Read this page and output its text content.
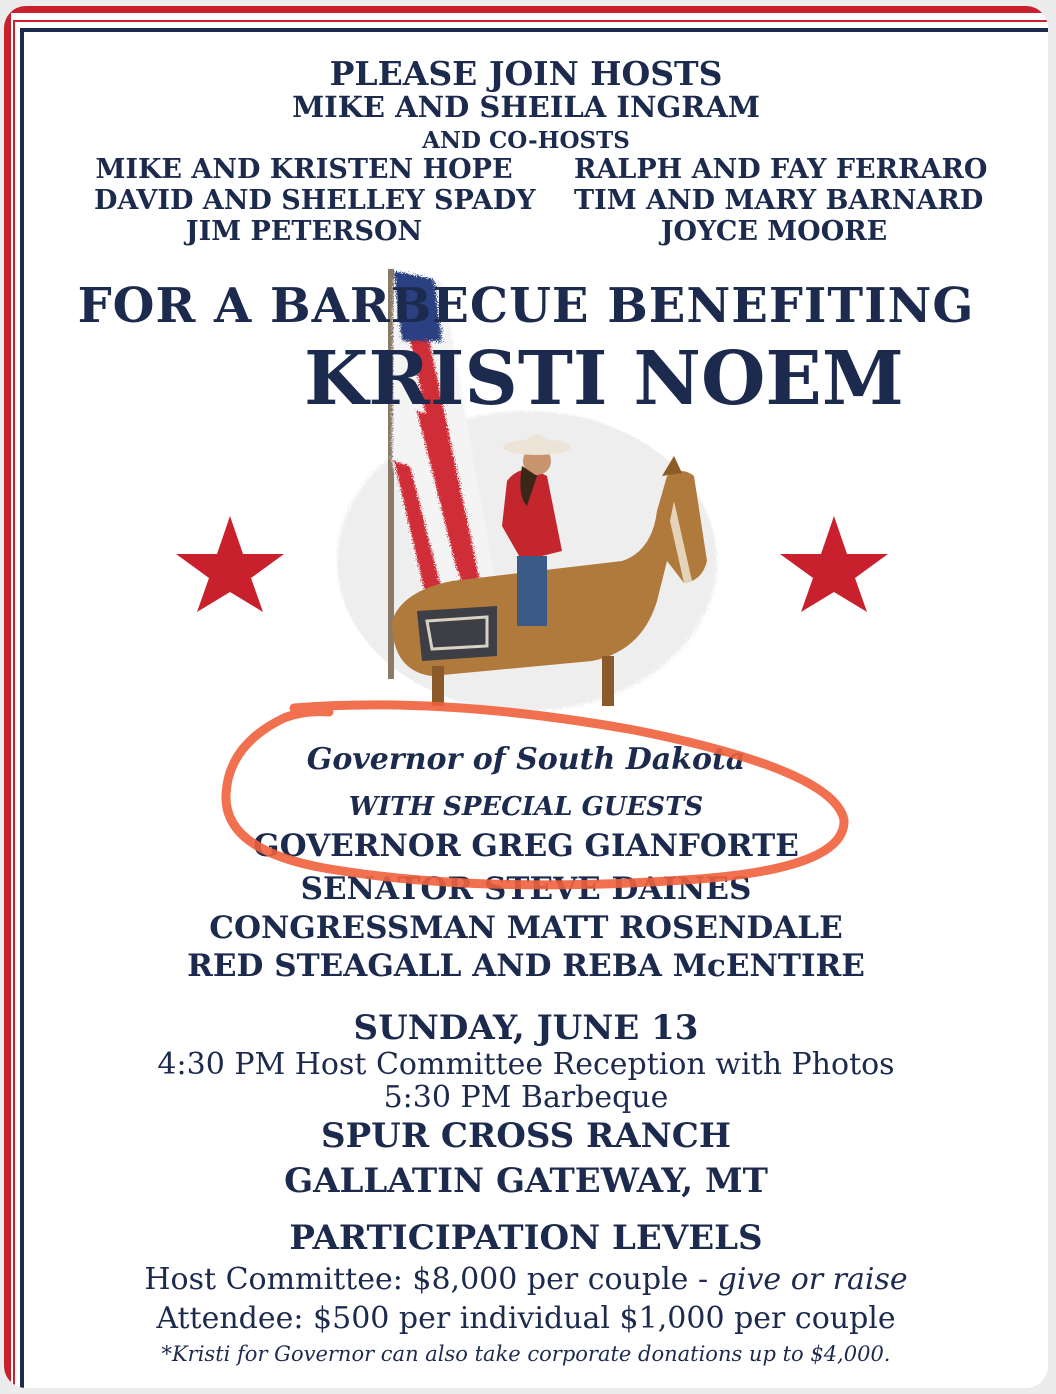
PLEASE JOIN HOSTS
MIKE AND SHEILA INGRAM
AND CO-HOSTS
MIKE AND KRISTEN HOPE
DAVID AND SHELLEY SPADY
JIM PETERSON
RALPH AND FAY FERRARO
TIM AND MARY BARNARD
JOYCE MOORE
FOR A BARBECUE BENEFITING
KRISTI NOEM
Governor of South Dakota
WITH SPECIAL GUESTS
GOVERNOR GREG GIANFORTE
SENATOR STEVE DAINES
CONGRESSMAN MATT ROSENDALE
RED STEAGALL AND REBA McENTIRE
SUNDAY, JUNE 13
4:30 PM Host Committee Reception with Photos
5:30 PM Barbeque
SPUR CROSS RANCH
GALLATIN GATEWAY, MT
PARTICIPATION LEVELS
Host Committee: $8,000 per couple - give or raise
Attendee: $500 per individual $1,000 per couple
*Kristi for Governor can also take corporate donations up to $4,000.
